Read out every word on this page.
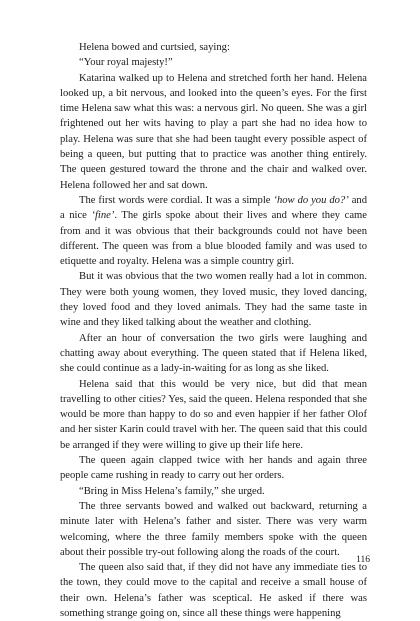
Helena bowed and curtsied, saying:

“Your royal majesty!”

Katarina walked up to Helena and stretched forth her hand. Helena looked up, a bit nervous, and looked into the queen’s eyes. For the first time Helena saw what this was: a nervous girl. No queen. She was a girl frightened out her wits having to play a part she had no idea how to play. Helena was sure that she had been taught every possible aspect of being a queen, but putting that to practice was another thing entirely. The queen gestured toward the throne and the chair and walked over. Helena followed her and sat down.

The first words were cordial. It was a simple ‘how do you do?’ and a nice ‘fine’. The girls spoke about their lives and where they came from and it was obvious that their backgrounds could not have been different. The queen was from a blue blooded family and was used to etiquette and royalty. Helena was a simple country girl.

But it was obvious that the two women really had a lot in common. They were both young women, they loved music, they loved dancing, they loved food and they loved animals. They had the same taste in wine and they liked talking about the weather and clothing.

After an hour of conversation the two girls were laughing and chatting away about everything. The queen stated that if Helena liked, she could continue as a lady-in-waiting for as long as she liked.

Helena said that this would be very nice, but did that mean travelling to other cities? Yes, said the queen. Helena responded that she would be more than happy to do so and even happier if her father Olof and her sister Karin could travel with her. The queen said that this could be arranged if they were willing to give up their life here.

The queen again clapped twice with her hands and again three people came rushing in ready to carry out her orders.

“Bring in Miss Helena’s family,” she urged.

The three servants bowed and walked out backward, returning a minute later with Helena’s father and sister. There was very warm welcoming, where the three family members spoke with the queen about their possible try-out following along the roads of the court.

The queen also said that, if they did not have any immediate ties to the town, they could move to the capital and receive a small house of their own. Helena’s father was sceptical. He asked if there was something strange going on, since all these things were happening

116
